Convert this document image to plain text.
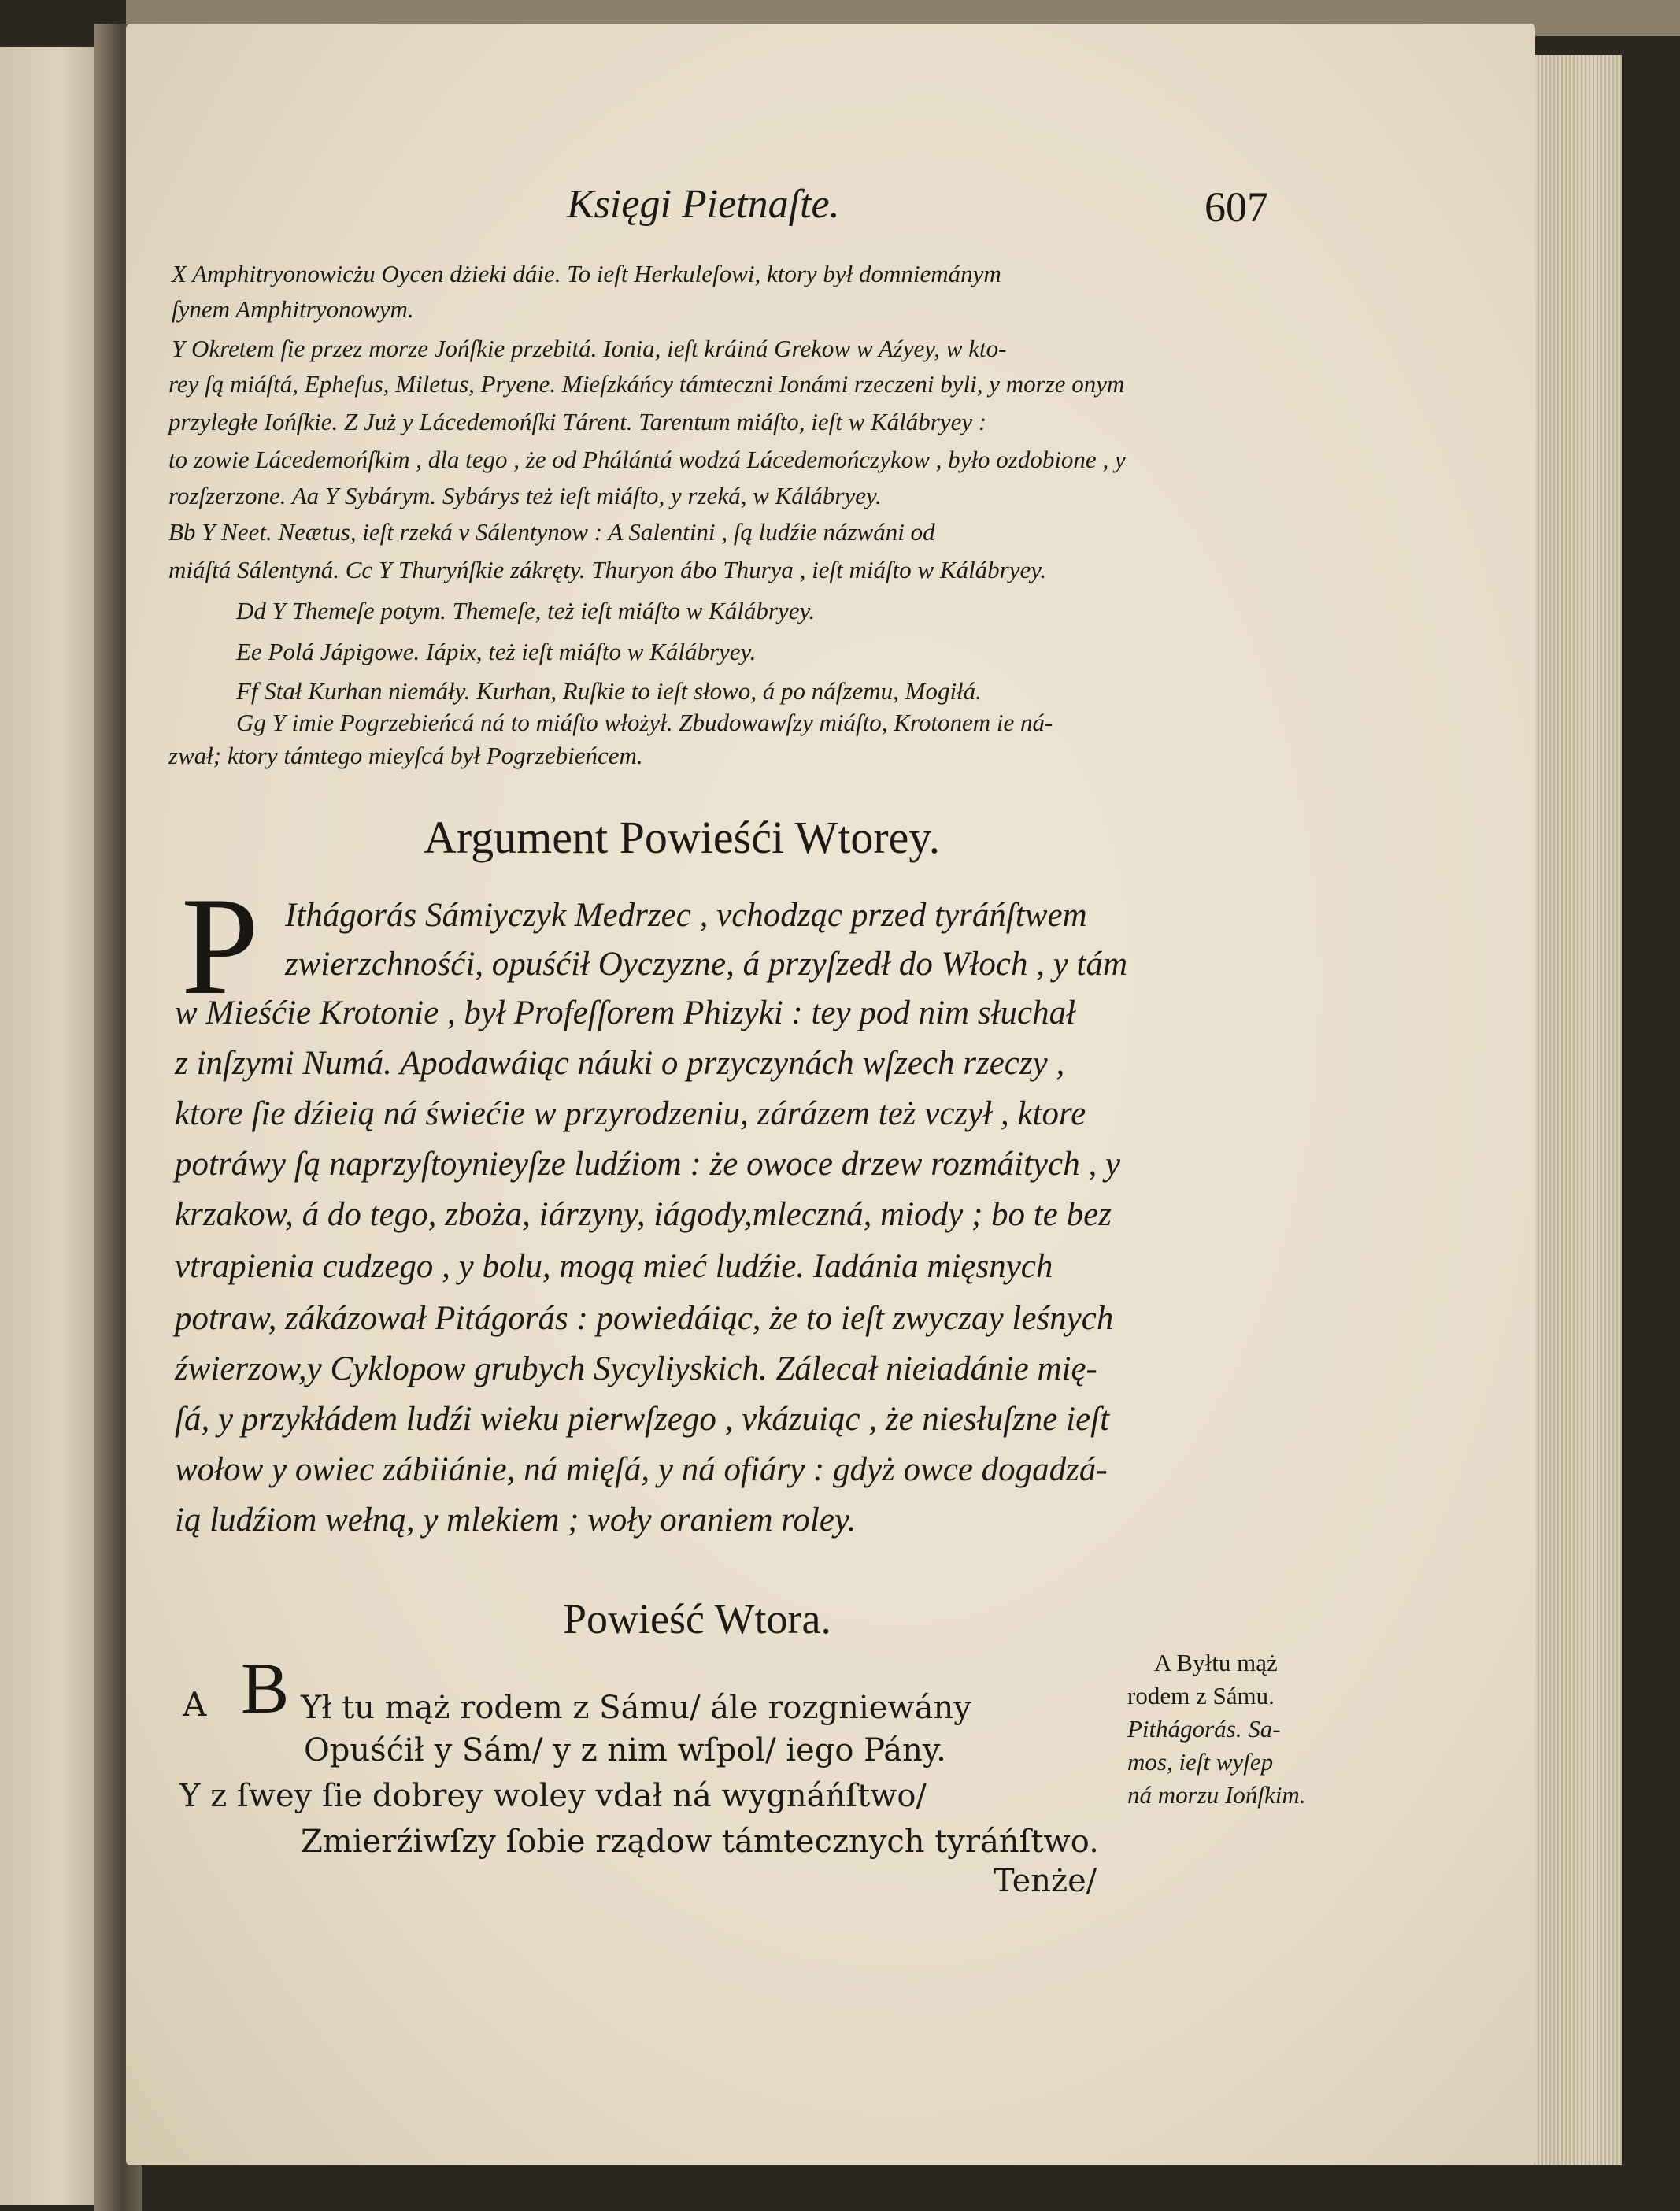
Księgi Pietnaſte.	607
X Amphitryonowicżu Oycen dżieki dáie. To ieſt Herkuleſowi, ktory był domniemánym
ſynem Amphitryonowym.
Y Okretem ſie przez morze Jońſkie przebitá. Ionia, ieſt kráiná Grekow w Aźyey, w kto-
rey ſą miáſtá, Epheſus, Miletus, Pryene. Mieſzkáńcy támteczni Ionámi rzeczeni byli, y morze onym
przyległe Iońſkie. Z Już y Lácedemońſki Tárent. Tarentum miáſto, ieſt w Kálábryey :
to zowie Lácedemońſkim , dla tego , że od Phálántá wodzá Lácedemończykow , było ozdobione , y
rozſzerzone. Aa Y Sybárym. Sybárys też ieſt miáſto, y rzeká, w Kálábryey.
Bb Y Neet. Neætus, ieſt rzeká v Sálentynow : A Salentini , ſą ludźie názwáni od
miáſtá Sálentyná. Cc Y Thuryńſkie zákręty. Thuryon ábo Thurya , ieſt miáſto w Kálábryey.
Dd Y Themeſe potym. Themeſe, też ieſt miáſto w Kálábryey.
Ee Polá Jápigowe. Iápix, też ieſt miáſto w Kálábryey.
Ff Stał Kurhan niemáły. Kurhan, Ruſkie to ieſt słowo, á po náſzemu, Mogiłá.
Gg Y imie Pogrzebieńcá ná to miáſto włożył. Zbudowawſzy miáſto, Krotonem ie ná-
zwał; ktory támtego mieyſcá był Pogrzebieńcem.
Argument Powieśći Wtorey.
P Ithágorás Sámiyczyk Medrzec , vchodząc przed tyráńſtwem
zwierzchnośći, opuśćił Oyczyzne, á przyſzedł do Włoch , y tám
w Mieśćie Krotonie , był Profeſſorem Phizyki : tey pod nim słuchał
z inſzymi Numá. Apodawáiąc náuki o przyczynách wſzech rzeczy ,
ktore ſie dźieią ná świećie w przyrodzeniu, zárázem też vczył , ktore
potráwy ſą naprzyſtoynieyſze ludźiom : że owoce drzew rozmáitych , y
krzakow, á do tego, zboża, iárzyny, iágody,mleczná, miody ; bo te bez
vtrapienia cudzego , y bolu, mogą mieć ludźie. Iadánia mięsnych
potraw, zákázował Pitágorás : powiedáiąc, że to ieſt zwyczay leśnych
źwierzow,y Cyklopow grubych Sycyliyskich. Zálecał nieiadánie mię-
ſá, y przykłádem ludźi wieku pierwſzego , vkázuiąc , że niesłuſzne ieſt
wołow y owiec zábiiánie, ná mięſá, y ná ofiáry : gdyż owce dogadzá-
ią ludźiom wełną, y mlekiem ; woły oraniem roley.
Powieść Wtora.
A B Ył tu mąż rodem z Sámu/ ále rozgniewány
Opuśćił y Sám/ y z nim wſpol/ iego Pány.
Y z ſwey ſie dobrey woley vdał ná wygnáńſtwo/
Zmierźiwſzy ſobie rządow támtecznych tyráńſtwo.
Tenże/
A Byłtu mąż
rodem z Sámu.
Pithágorás. Sa-
mos, ieſt wyſep
ná morzu Iońſkim.
